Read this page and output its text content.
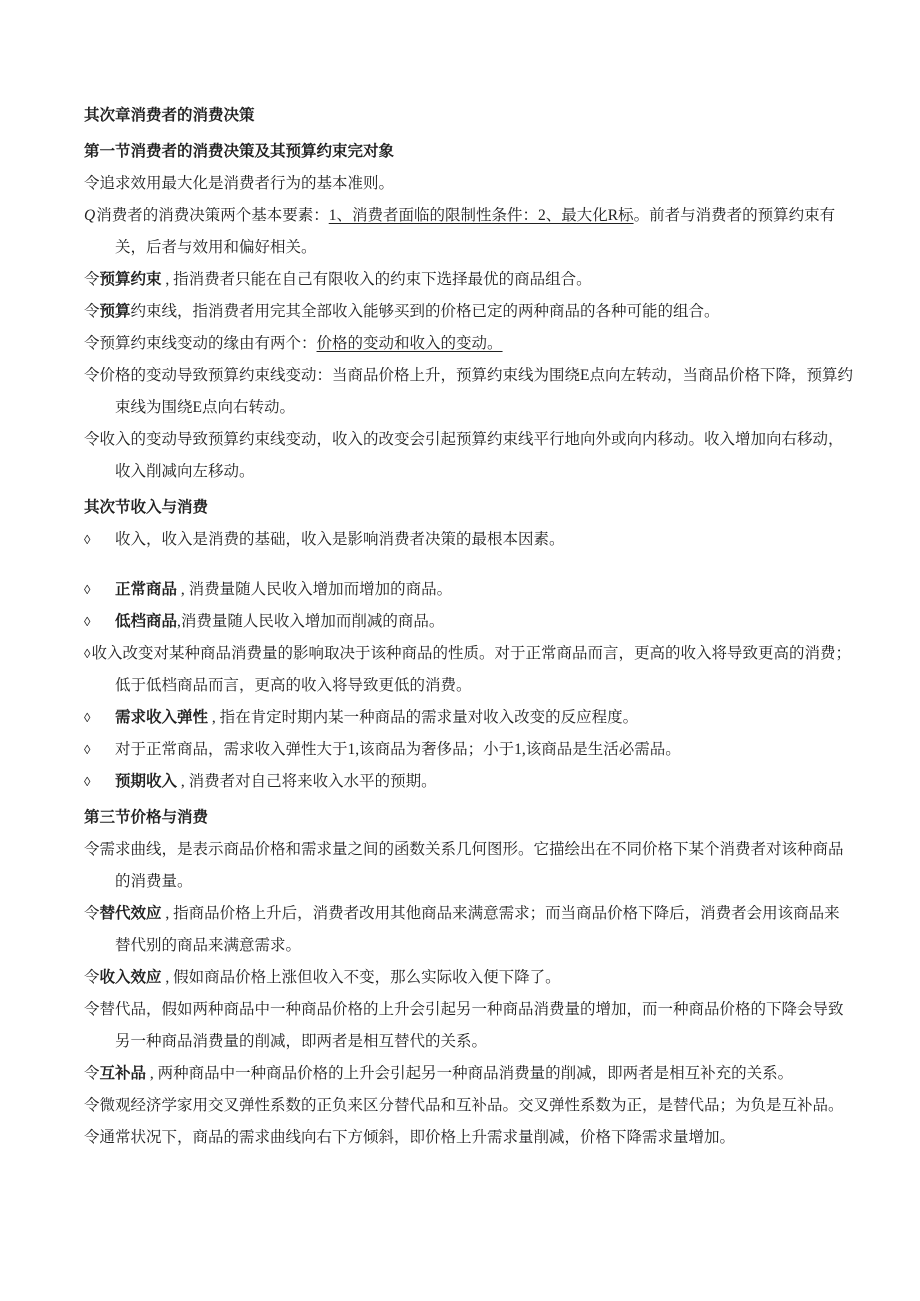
其次章消费者的消费决策
第一节消费者的消费决策及其预算约束完对象
令追求效用最大化是消费者行为的基本准则。
Q消费者的消费决策两个基本要素：1、消费者面临的限制性条件：2、最大化R标。前者与消费者的预算约束有关，后者与效用和偏好相关。
令预算约束 , 指消费者只能在自己有限收入的约束下选择最优的商品组合。
令预算约束线，指消费者用完其全部收入能够买到的价格已定的两种商品的各种可能的组合。
令预算约束线变动的缘由有两个：价格的变动和收入的变动。
令价格的变动导致预算约束线变动：当商品价格上升，预算约束线为围绕E点向左转动，当商品价格下降，预算约束线为围绕E点向右转动。
令收入的变动导致预算约束线变动，收入的改变会引起预算约束线平行地向外或向内移动。收入增加向右移动，收入削减向左移动。
其次节收入与消费
◊ 收入，收入是消费的基础，收入是影响消费者决策的最根本因素。
◊ 正常商品 , 消费量随人民收入增加而增加的商品。
◊ 低档商品,消费量随人民收入增加而削减的商品。
◊收入改变对某种商品消费量的影响取决于该种商品的性质。对于正常商品而言，更高的收入将导致更高的消费；低于低档商品而言，更高的收入将导致更低的消费。
◊ 需求收入弹性 , 指在肯定时期内某一种商品的需求量对收入改变的反应程度。
◊ 对于正常商品，需求收入弹性大于1,该商品为奢侈品；小于1,该商品是生活必需品。
◊ 预期收入 , 消费者对自己将来收入水平的预期。
第三节价格与消费
令需求曲线，是表示商品价格和需求量之间的函数关系几何图形。它描绘出在不同价格下某个消费者对该种商品的消费量。
令替代效应 , 指商品价格上升后，消费者改用其他商品来满意需求；而当商品价格下降后，消费者会用该商品来替代别的商品来满意需求。
令收入效应 , 假如商品价格上涨但收入不变，那么实际收入便下降了。
令替代品，假如两种商品中一种商品价格的上升会引起另一种商品消费量的增加，而一种商品价格的下降会导致另一种商品消费量的削减，即两者是相互替代的关系。
令互补品 , 两种商品中一种商品价格的上升会引起另一种商品消费量的削减，即两者是相互补充的关系。
令微观经济学家用交叉弹性系数的正负来区分替代品和互补品。交叉弹性系数为正，是替代品；为负是互补品。
令通常状况下，商品的需求曲线向右下方倾斜，即价格上升需求量削减，价格下降需求量增加。
